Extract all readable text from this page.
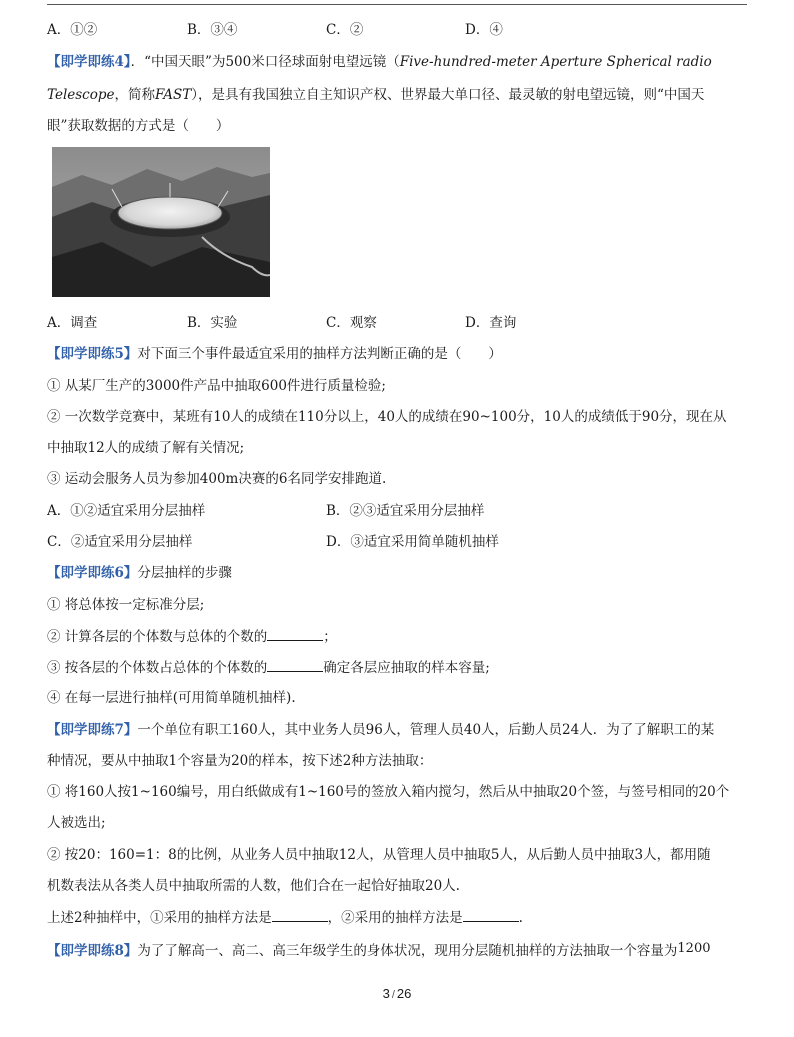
A．①②	B．③④	C．②	D．④
【即学即练4】．“中国天眼”为500米口径球面射电望远镜（Five-hundred-meter Aperture Spherical radio
Telescope，简称FAST），是具有我国独立自主知识产权、世界最大单口径、最灵敏的射电望远镜，则“中国天
眼”获取数据的方式是（　　）
A．调查	B．实验	C．观察	D．查询
【即学即练5】对下面三个事件最适宜采用的抽样方法判断正确的是（　　）
① 从某厂生产的3000件产品中抽取600件进行质量检验;
② 一次数学竞赛中，某班有10人的成绩在110分以上，40人的成绩在90~100分，10人的成绩低于90分，现在从
中抽取12人的成绩了解有关情况;
③ 运动会服务人员为参加400m决赛的6名同学安排跑道.
A．①②适宜采用分层抽样	B．②③适宜采用分层抽样
C．②适宜采用分层抽样	D．③适宜采用简单随机抽样
【即学即练6】分层抽样的步骤
① 将总体按一定标准分层;
② 计算各层的个体数与总体的个数的	；
③ 按各层的个体数占总体的个体数的	确定各层应抽取的样本容量;
④ 在每一层进行抽样(可用简单随机抽样).
【即学即练7】一个单位有职工160人，其中业务人员96人，管理人员40人，后勤人员24人．为了了解职工的某
种情况，要从中抽取1个容量为20的样本，按下述2种方法抽取：
① 将160人按1~160编号，用白纸做成有1~160号的签放入箱内搅匀，然后从中抽取20个签，与签号相同的20个
人被选出;
② 按20：160=1：8的比例，从业务人员中抽取12人，从管理人员中抽取5人，从后勤人员中抽取3人，都用随
机数表法从各类人员中抽取所需的人数，他们合在一起恰好抽取20人.
上述2种抽样中，①采用的抽样方法是	，②采用的抽样方法是	.
【即学即练8】为了了解高一、高二、高三年级学生的身体状况，现用分层随机抽样的方法抽取一个容量为1200
3 / 26
